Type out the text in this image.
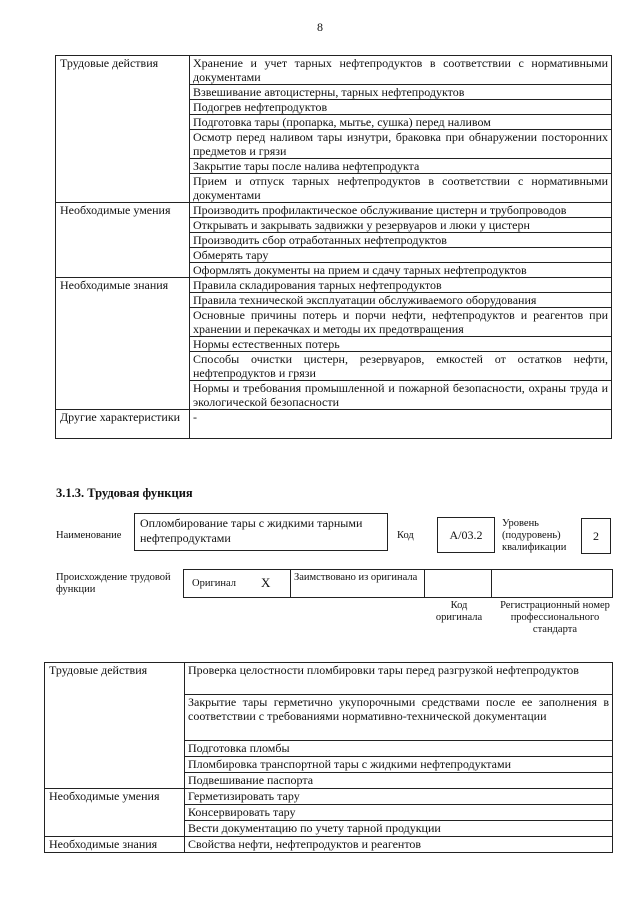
8
Трудовые действия	Хранение и учет тарных нефтепродуктов в соответствии с нормативными документами
	Взвешивание автоцистерны, тарных нефтепродуктов
	Подогрев нефтепродуктов
	Подготовка тары (пропарка, мытье, сушка) перед наливом
	Осмотр перед наливом тары изнутри, браковка при обнаружении посторонних предметов и грязи
	Закрытие тары после налива нефтепродукта
	Прием и отпуск тарных нефтепродуктов в соответствии с нормативными документами
Необходимые умения	Производить профилактическое обслуживание цистерн и трубопроводов
	Открывать и закрывать задвижки у резервуаров и люки у цистерн
	Производить сбор отработанных нефтепродуктов
	Обмерять тару
	Оформлять документы на прием и сдачу тарных нефтепродуктов
Необходимые знания	Правила складирования тарных нефтепродуктов
	Правила технической эксплуатации обслуживаемого оборудования
	Основные причины потерь и порчи нефти, нефтепродуктов и реагентов при хранении и перекачках и методы их предотвращения
	Нормы естественных потерь
	Способы очистки цистерн, резервуаров, емкостей от остатков нефти, нефтепродуктов и грязи
	Нормы и требования промышленной и пожарной безопасности, охраны труда и экологической безопасности
Другие характеристики	-
3.1.3. Трудовая функция
Наименование
Опломбирование тары с жидкими тарными нефтепродуктами	Код	A/03.2
Уровень (подуровень) квалификации
2
Происхождение трудовой функции
Оригинал X Заимствовано из оригинала
Код оригинала
Регистрационный номер профессионального стандарта
Трудовые действия	Проверка целостности пломбировки тары перед разгрузкой нефтепродуктов
	Закрытие тары герметично укупорочными средствами после ее заполнения в соответствии с требованиями нормативно-технической документации
	Подготовка пломбы
	Пломбировка транспортной тары с жидкими нефтепродуктами
	Подвешивание паспорта
Необходимые умения	Герметизировать тару
	Консервировать тару
	Вести документацию по учету тарной продукции
Необходимые знания	Свойства нефти, нефтепродуктов и реагентов
